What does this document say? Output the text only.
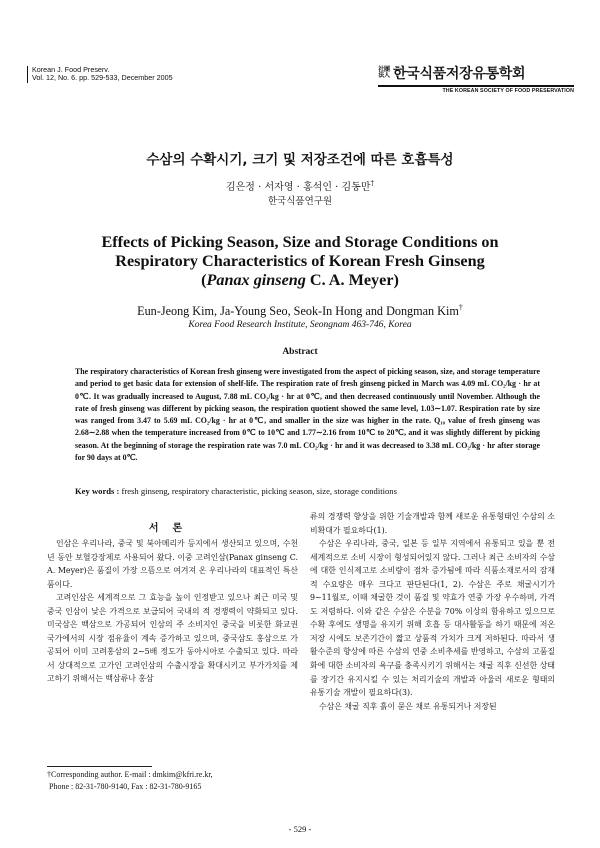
Korean J. Food Preserv.
Vol. 12, No. 6. pp. 529-533, December 2005
社團法人 한국식품저장유통학회
THE KOREAN SOCIETY OF FOOD PRESERVATION
수삼의 수확시기, 크기 및 저장조건에 따른 호흡특성
김은정 · 서자영 · 홍석인 · 김동만†
한국식품연구원
Effects of Picking Season, Size and Storage Conditions on
Respiratory Characteristics of Korean Fresh Ginseng
(Panax ginseng C. A. Meyer)
Eun-Jeong Kim, Ja-Young Seo, Seok-In Hong and Dongman Kim†
Korea Food Research Institute, Seongnam 463-746, Korea
Abstract
The respiratory characteristics of Korean fresh ginseng were investigated from the aspect of picking season, size, and storage temperature and period to get basic data for extension of shelf-life. The respiration rate of fresh ginseng picked in March was 4.09 mL CO₂/kg · hr at 0℃. It was gradually increased to August, 7.88 mL CO₂/kg · hr at 0℃, and then decreased continuously until November. Although the rate of fresh ginseng was different by picking season, the respiration quotient showed the same level, 1.03∼1.07. Respiration rate by size was ranged from 3.47 to 5.69 mL CO₂/kg · hr at 0℃, and smaller in the size was higher in the rate. Q₁₀ value of fresh ginseng was 2.68∼2.88 when the temperature increased from 0℃ to 10℃ and 1.77∼2.16 from 10℃ to 20℃, and it was slightly different by picking season. At the beginning of storage the respiration rate was 7.0 mL CO₂/kg · hr and it was decreased to 3.38 mL CO₂/kg · hr after storage for 90 days at 0℃.
Key words : fresh ginseng, respiratory characteristic, picking season, size, storage conditions
서론

인삼은 우리나라, 중국 및 북아메리카 등지에서 생산되고 있으며, 수천 년 동안 보혈강장제로 사용되어 왔다. 이중 고려인삼(Panax ginseng C. A. Meyer)은 품질이 가장 으뜸으로 여겨져 온 우리나라의 대표적인 특산품이다.

고려인삼은 세계적으로 그 효능을 높이 인정받고 있으나 최근 미국 및 중국 인삼이 낮은 가격으로 보급되어 국내의 적 경쟁력이 약화되고 있다. 미국삼은 백삼으로 가공되어 인삼의 주 소비지인 중국을 비롯한 화교권 국가에서의 시장 점유율이 계속 증가하고 있으며, 중국삼도 홍삼으로 가공되어 이미 고려홍삼의 2∼5배 정도가 동아시아로 수출되고 있다. 따라서 상대적으로 고가인 고려인삼의 수출시장을 확대시키고 부가가치를 제고하기 위해서는 백삼류나 홍삼

류의 경쟁력 향상을 위한 기술개발과 함께 새로운 유통형태인 수삼의 소비확대가 필요하다(1).

수삼은 우리나라, 중국, 일본 등 일부 지역에서 유통되고 있을 뿐 전 세계적으로 소비 시장이 형성되어있지 않다. 그러나 최근 소비자의 수삼에 대한 인식제고로 소비량이 점차 증가됨에 따라 식품소재로서의 잠재적 수요량은 매우 크다고 판단된다(1, 2). 수삼은 주로 채굴시기가 9∼11월로, 이때 채굴한 것이 품질 및 약효가 연중 가장 우수하며, 가격도 저렴하다. 이와 같은 수삼은 수분을 70% 이상의 함유하고 있으므로 수확 후에도 생명을 유지키 위해 호흡 등 대사활동을 하기 때문에 저온 저장 시에도 보존기간이 짧고 상품적 가치가 크게 저하된다. 따라서 생활수준의 향상에 따른 수삼의 연중 소비추세를 반영하고, 수삼의 고품질화에 대한 소비자의 욕구를 충족시키기 위해서는 채굴 직후 신선한 상태를 장기간 유지시킬 수 있는 처리기술의 개발과 아울러 새로운 형태의 유통기술 개발이 필요하다(3).

수삼은 채굴 직후 흙이 묻은 채로 유통되거나 저장된

†Corresponding author. E-mail : dmkim@kfri.re.kr,
Phone : 82-31-780-9140, Fax : 82-31-780-9165
- 529 -
